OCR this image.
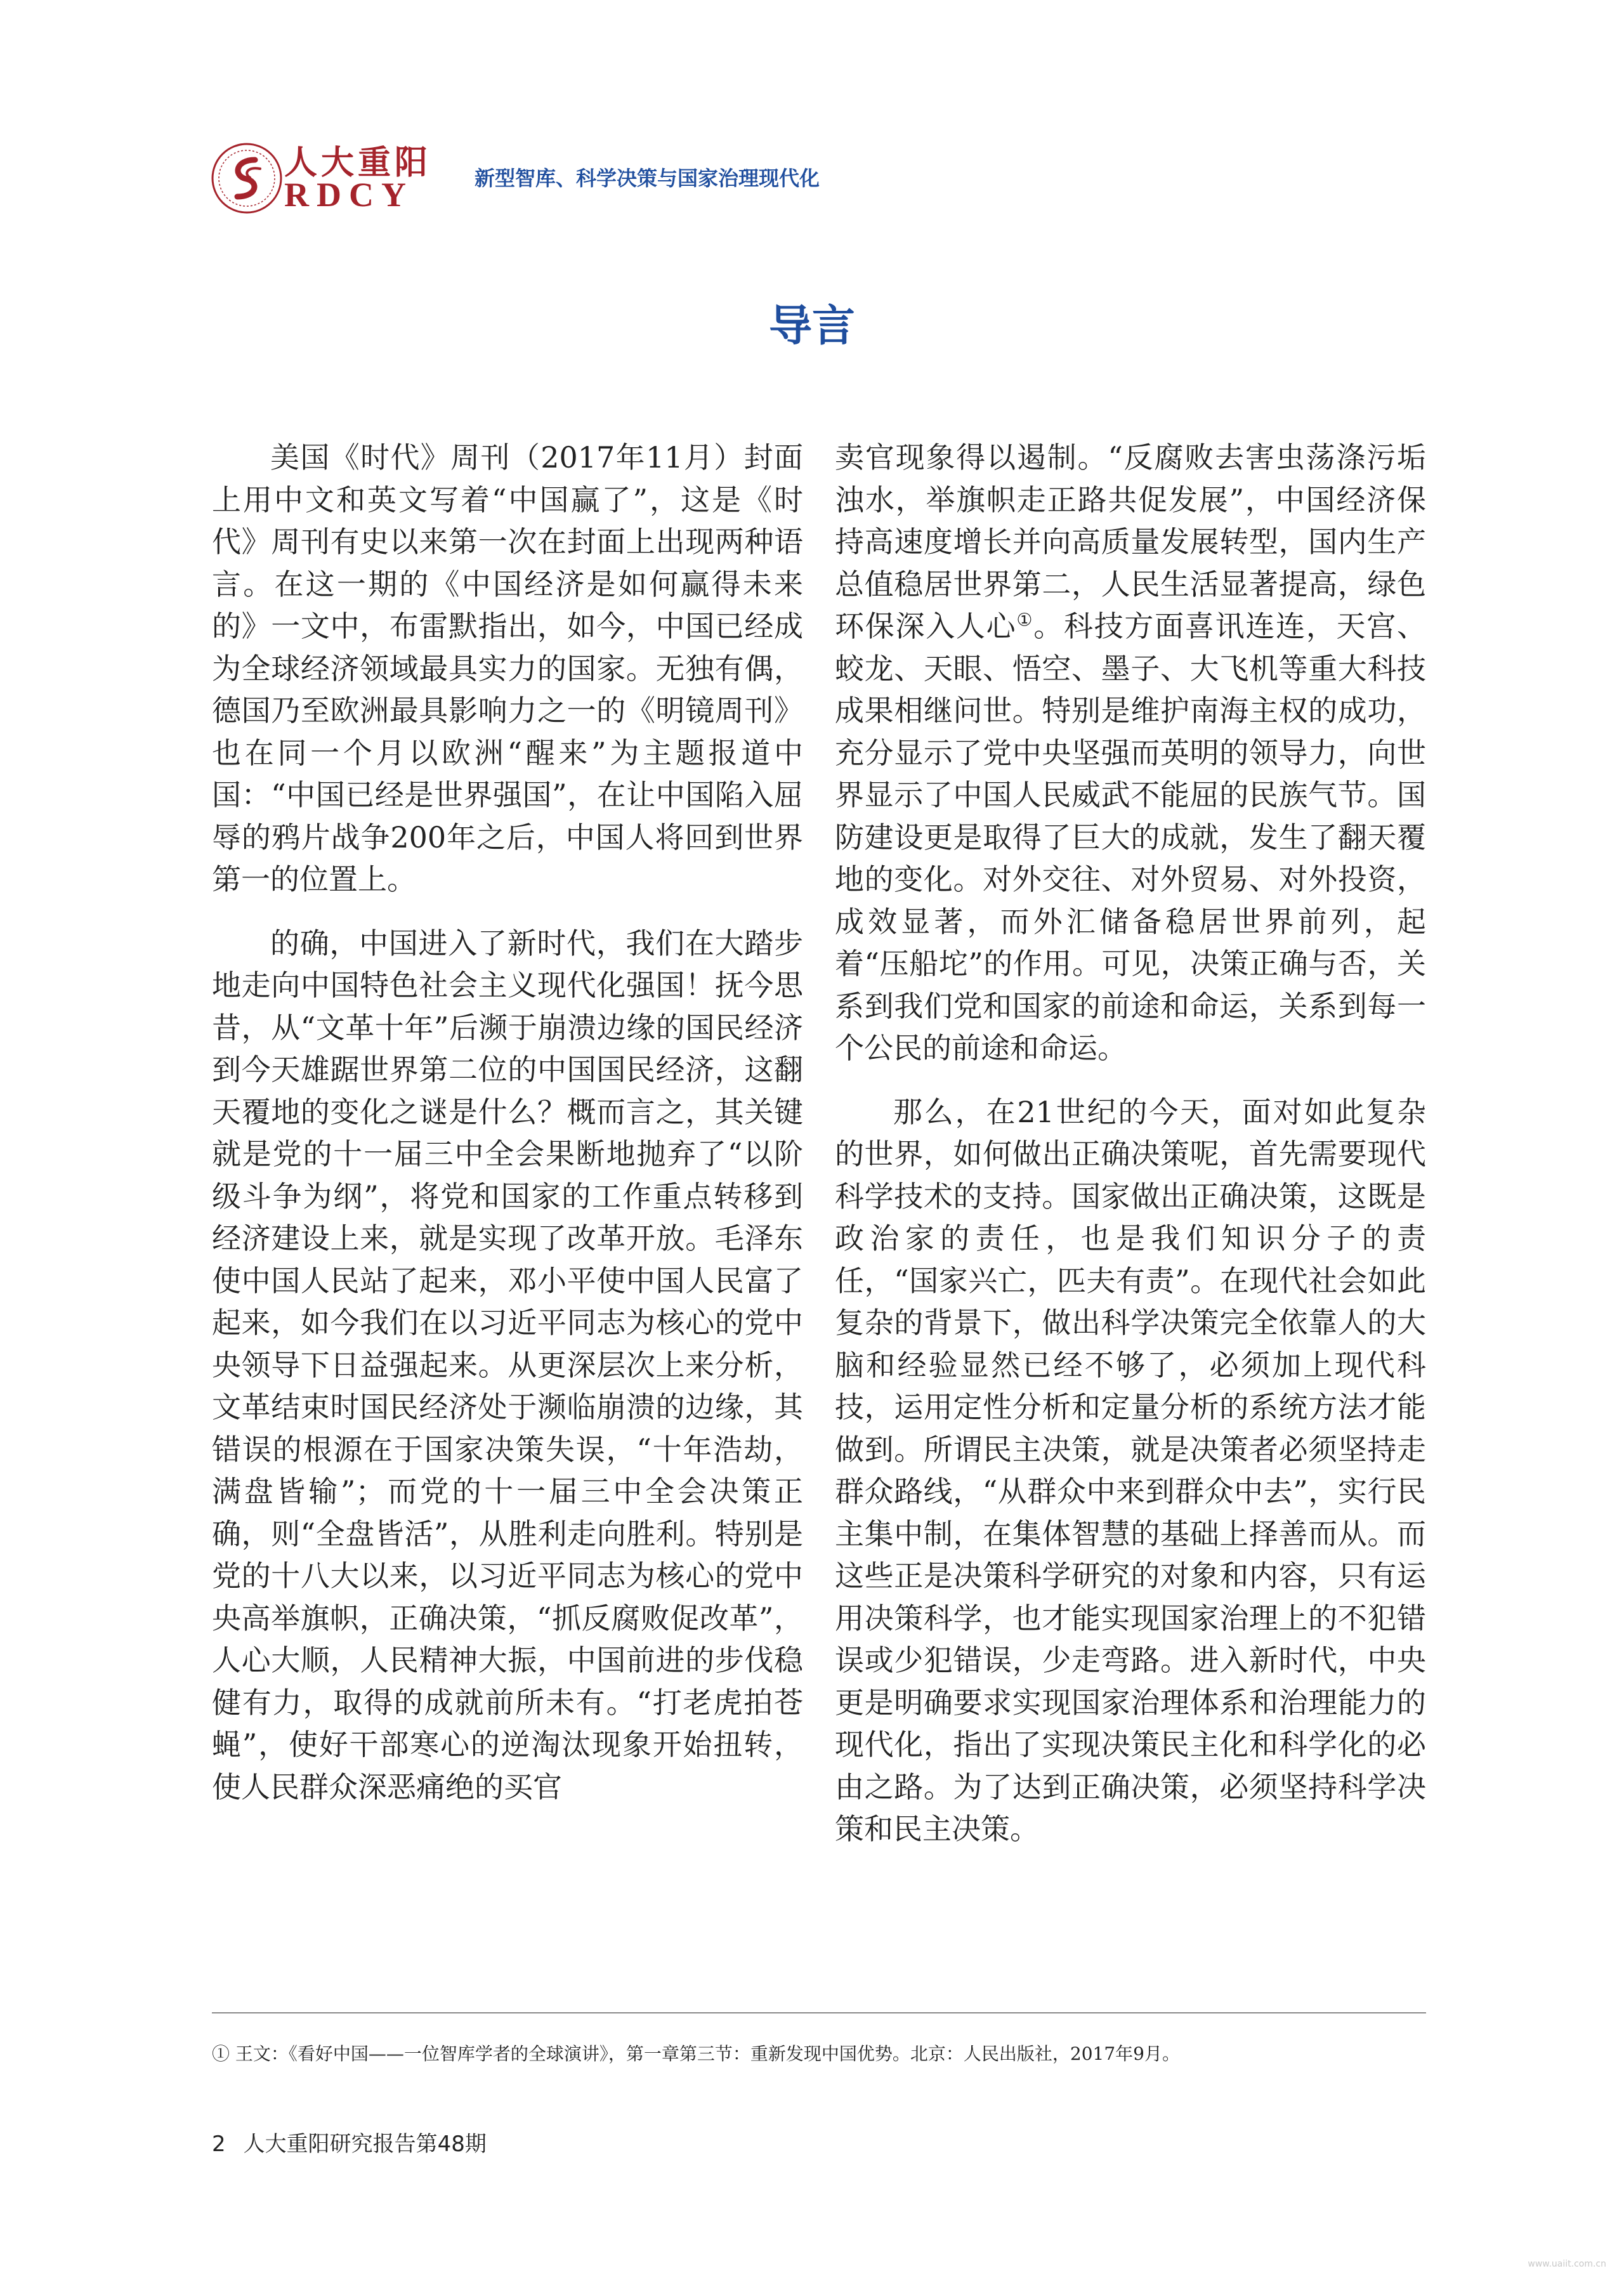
人大重阳
RDCY	新型智库、科学决策与国家治理现代化
导言

美国《时代》周刊（2017年11月）封面上用中文和英文写着“中国赢了”，这是《时代》周刊有史以来第一次在封面上出现两种语言。在这一期的《中国经济是如何赢得未来的》一文中，布雷默指出，如今，中国已经成为全球经济领域最具实力的国家。无独有偶，德国乃至欧洲最具影响力之一的《明镜周刊》也在同一个月以欧洲“醒来”为主题报道中国：“中国已经是世界强国”，在让中国陷入屈辱的鸦片战争200年之后，中国人将回到世界第一的位置上。

的确，中国进入了新时代，我们在大踏步地走向中国特色社会主义现代化强国！抚今思昔，从“文革十年”后濒于崩溃边缘的国民经济到今天雄踞世界第二位的中国国民经济，这翻天覆地的变化之谜是什么？概而言之，其关键就是党的十一届三中全会果断地抛弃了“以阶级斗争为纲”，将党和国家的工作重点转移到经济建设上来，就是实现了改革开放。毛泽东使中国人民站了起来，邓小平使中国人民富了起来，如今我们在以习近平同志为核心的党中央领导下日益强起来。从更深层次上来分析，文革结束时国民经济处于濒临崩溃的边缘，其错误的根源在于国家决策失误，“十年浩劫，满盘皆输”；而党的十一届三中全会决策正确，则“全盘皆活”，从胜利走向胜利。特别是党的十八大以来，以习近平同志为核心的党中央高举旗帜，正确决策，“抓反腐败促改革”，人心大顺，人民精神大振，中国前进的步伐稳健有力，取得的成就前所未有。“打老虎拍苍蝇”，使好干部寒心的逆淘汰现象开始扭转，使人民群众深恶痛绝的买官

卖官现象得以遏制。“反腐败去害虫荡涤污垢浊水，举旗帜走正路共促发展”，中国经济保持高速度增长并向高质量发展转型，国内生产总值稳居世界第二，人民生活显著提高，绿色环保深入人心①。科技方面喜讯连连，天宫、蛟龙、天眼、悟空、墨子、大飞机等重大科技成果相继问世。特别是维护南海主权的成功，充分显示了党中央坚强而英明的领导力，向世界显示了中国人民威武不能屈的民族气节。国防建设更是取得了巨大的成就，发生了翻天覆地的变化。对外交往、对外贸易、对外投资，成效显著，而外汇储备稳居世界前列，起着“压船坨”的作用。可见，决策正确与否，关系到我们党和国家的前途和命运，关系到每一个公民的前途和命运。

那么，在21世纪的今天，面对如此复杂的世界，如何做出正确决策呢，首先需要现代科学技术的支持。国家做出正确决策，这既是政治家的责任，也是我们知识分子的责任，“国家兴亡，匹夫有责”。在现代社会如此复杂的背景下，做出科学决策完全依靠人的大脑和经验显然已经不够了，必须加上现代科技，运用定性分析和定量分析的系统方法才能做到。所谓民主决策，就是决策者必须坚持走群众路线，“从群众中来到群众中去”，实行民主集中制，在集体智慧的基础上择善而从。而这些正是决策科学研究的对象和内容，只有运用决策科学，也才能实现国家治理上的不犯错误或少犯错误，少走弯路。进入新时代，中央更是明确要求实现国家治理体系和治理能力的现代化，指出了实现决策民主化和科学化的必由之路。为了达到正确决策，必须坚持科学决策和民主决策。

① 王文：《看好中国——一位智库学者的全球演讲》，第一章第三节：重新发现中国优势。北京：人民出版社，2017年9月。
2 人大重阳研究报告第48期
www.uaiit.com.cn
